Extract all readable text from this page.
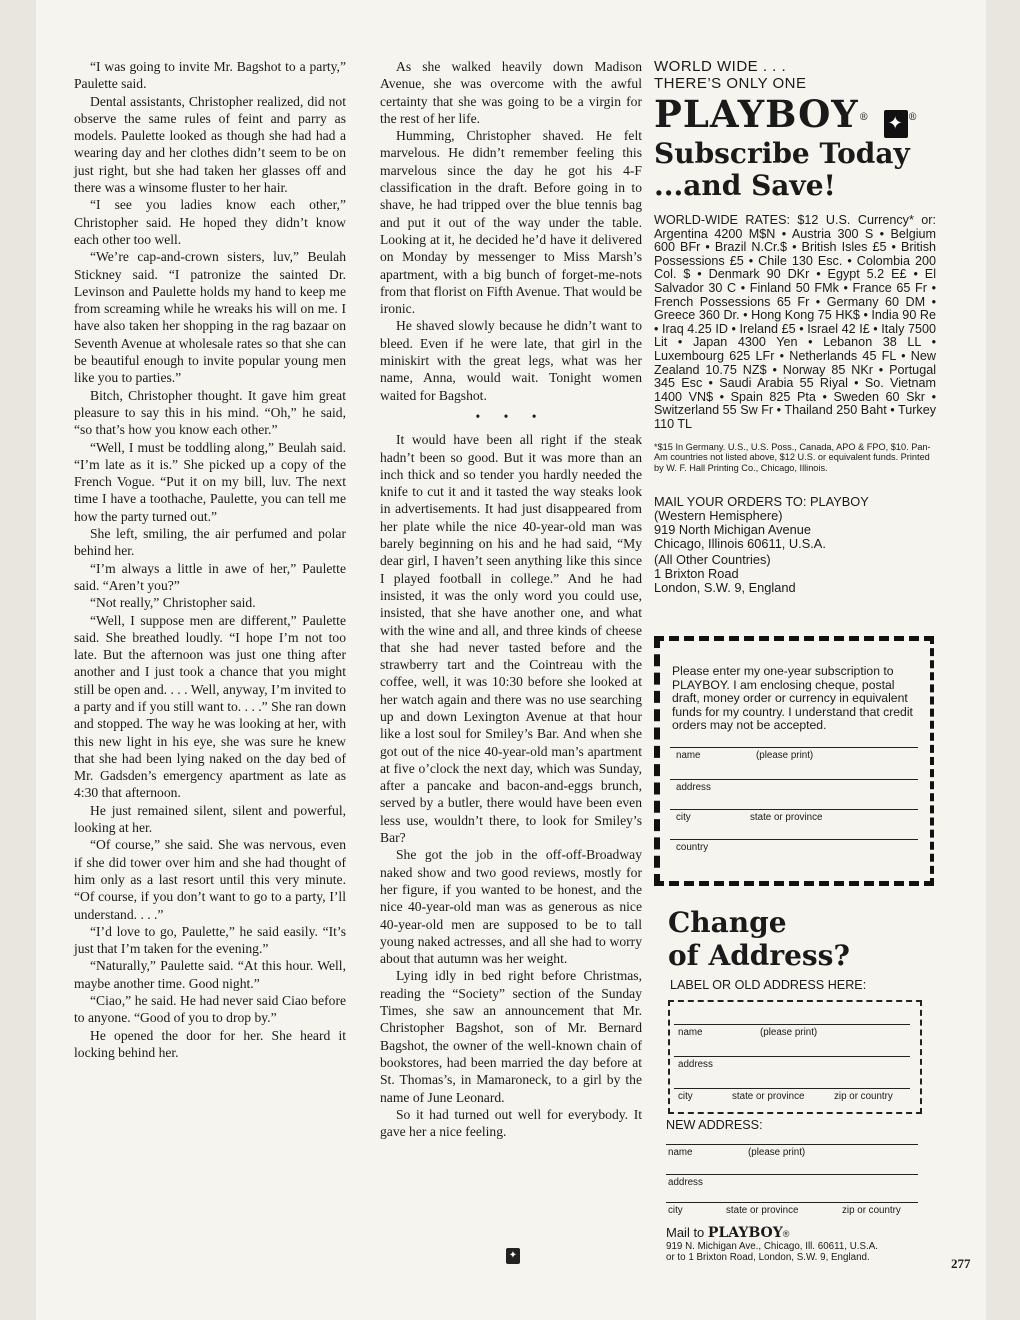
“I was going to invite Mr. Bagshot to a party,” Paulette said.

Dental assistants, Christopher realized, did not observe the same rules of feint and parry as models. Paulette looked as though she had had a wearing day and her clothes didn’t seem to be on just right, but she had taken her glasses off and there was a winsome fluster to her hair.

“I see you ladies know each other,” Christopher said. He hoped they didn’t know each other too well.

“We’re cap-and-crown sisters, luv,” Beulah Stickney said. “I patronize the sainted Dr. Levinson and Paulette holds my hand to keep me from screaming while he wreaks his will on me. I have also taken her shopping in the rag bazaar on Seventh Avenue at wholesale rates so that she can be beautiful enough to invite popular young men like you to parties.”

Bitch, Christopher thought. It gave him great pleasure to say this in his mind. “Oh,” he said, “so that’s how you know each other.”

“Well, I must be toddling along,” Beulah said. “I’m late as it is.” She picked up a copy of the French Vogue. “Put it on my bill, luv. The next time I have a toothache, Paulette, you can tell me how the party turned out.”

She left, smiling, the air perfumed and polar behind her.

“I’m always a little in awe of her,” Paulette said. “Aren’t you?”

“Not really,” Christopher said.

“Well, I suppose men are different,” Paulette said. She breathed loudly. “I hope I’m not too late. But the afternoon was just one thing after another and I just took a chance that you might still be open and. . . . Well, anyway, I’m invited to a party and if you still want to. . . .” She ran down and stopped. The way he was looking at her, with this new light in his eye, she was sure he knew that she had been lying naked on the day bed of Mr. Gadsden’s emergency apartment as late as 4:30 that afternoon.

He just remained silent, silent and powerful, looking at her.

“Of course,” she said. She was nervous, even if she did tower over him and she had thought of him only as a last resort until this very minute. “Of course, if you don’t want to go to a party, I’ll understand. . . .”

“I’d love to go, Paulette,” he said easily. “It’s just that I’m taken for the evening.”

“Naturally,” Paulette said. “At this hour. Well, maybe another time. Good night.”

“Ciao,” he said. He had never said Ciao before to anyone. “Good of you to drop by.”

He opened the door for her. She heard it locking behind her.

As she walked heavily down Madison Avenue, she was overcome with the awful certainty that she was going to be a virgin for the rest of her life.

Humming, Christopher shaved. He felt marvelous. He didn’t remember feeling this marvelous since the day he got his 4-F classification in the draft. Before going in to shave, he had tripped over the blue tennis bag and put it out of the way under the table. Looking at it, he decided he’d have it delivered on Monday by messenger to Miss Marsh’s apartment, with a big bunch of forget-me-nots from that florist on Fifth Avenue. That would be ironic.

He shaved slowly because he didn’t want to bleed. Even if he were late, that girl in the miniskirt with the great legs, what was her name, Anna, would wait. Tonight women waited for Bagshot.

• • •

It would have been all right if the steak hadn’t been so good. But it was more than an inch thick and so tender you hardly needed the knife to cut it and it tasted the way steaks look in advertisements. It had just disappeared from her plate while the nice 40-year-old man was barely beginning on his and he had said, “My dear girl, I haven’t seen anything like this since I played football in college.” And he had insisted, it was the only word you could use, insisted, that she have another one, and what with the wine and all, and three kinds of cheese that she had never tasted before and the strawberry tart and the Cointreau with the coffee, well, it was 10:30 before she looked at her watch again and there was no use searching up and down Lexington Avenue at that hour like a lost soul for Smiley’s Bar. And when she got out of the nice 40-year-old man’s apartment at five o’clock the next day, which was Sunday, after a pancake and bacon-and-eggs brunch, served by a butler, there would have been even less use, wouldn’t there, to look for Smiley’s Bar?

She got the job in the off-off-Broadway naked show and two good reviews, mostly for her figure, if you wanted to be honest, and the nice 40-year-old man was as generous as nice 40-year-old men are supposed to be to tall young naked actresses, and all she had to worry about that autumn was her weight.

Lying idly in bed right before Christmas, reading the “Society” section of the Sunday Times, she saw an announcement that Mr. Christopher Bagshot, son of Mr. Bernard Bagshot, the owner of the well-known chain of bookstores, had been married the day before at St. Thomas’s, in Mamaroneck, to a girl by the name of June Leonard.

So it had turned out well for everybody. It gave her a nice feeling.

✦
WORLD WIDE . . .
THERE’S ONLY ONE
PLAYBOY® ✦ ®
Subscribe Today
...and Save!
WORLD-WIDE RATES: $12 U.S. Currency* or: Argentina 4200 M$N • Austria 300 S • Belgium 600 BFr • Brazil N.Cr.$ • British Isles £5 • British Possessions £5 • Chile 130 Esc. • Colombia 200 Col. $ • Denmark 90 DKr • Egypt 5.2 E£ • El Salvador 30 C • Finland 50 FMk • France 65 Fr • French Possessions 65 Fr • Germany 60 DM • Greece 360 Dr. • Hong Kong 75 HK$ • India 90 Re • Iraq 4.25 ID • Ireland £5 • Israel 42 I£ • Italy 7500 Lit • Japan 4300 Yen • Lebanon 38 LL • Luxembourg 625 LFr • Netherlands 45 FL • New Zealand 10.75 NZ$ • Norway 85 NKr • Portugal 345 Esc • Saudi Arabia 55 Riyal • So. Vietnam 1400 VN$ • Spain 825 Pta • Sweden 60 Skr • Switzerland 55 Sw Fr • Thailand 250 Baht • Turkey 110 TL
*$15 In Germany. U.S., U.S. Poss., Canada, APO & FPO, $10. Pan-Am countries not listed above, $12 U.S. or equivalent funds. Printed by W. F. Hall Printing Co., Chicago, Illinois.
MAIL YOUR ORDERS TO: PLAYBOY
(Western Hemisphere)
919 North Michigan Avenue
Chicago, Illinois 60611, U.S.A.
(All Other Countries)
1 Brixton Road
London, S.W. 9, England
Please enter my one-year subscription to PLAYBOY. I am enclosing cheque, postal draft, money order or currency in equivalent funds for my country. I understand that credit orders may not be accepted.
name	(please print)
address
city	state or province
country
Change
of Address?
LABEL OR OLD ADDRESS HERE:
name	(please print)
address
city	state or province	zip or country
NEW ADDRESS:
name	(please print)
address
city	state or province	zip or country
Mail to PLAYBOY®
919 N. Michigan Ave., Chicago, Ill. 60611, U.S.A.
or to 1 Brixton Road, London, S.W. 9, England.	277
